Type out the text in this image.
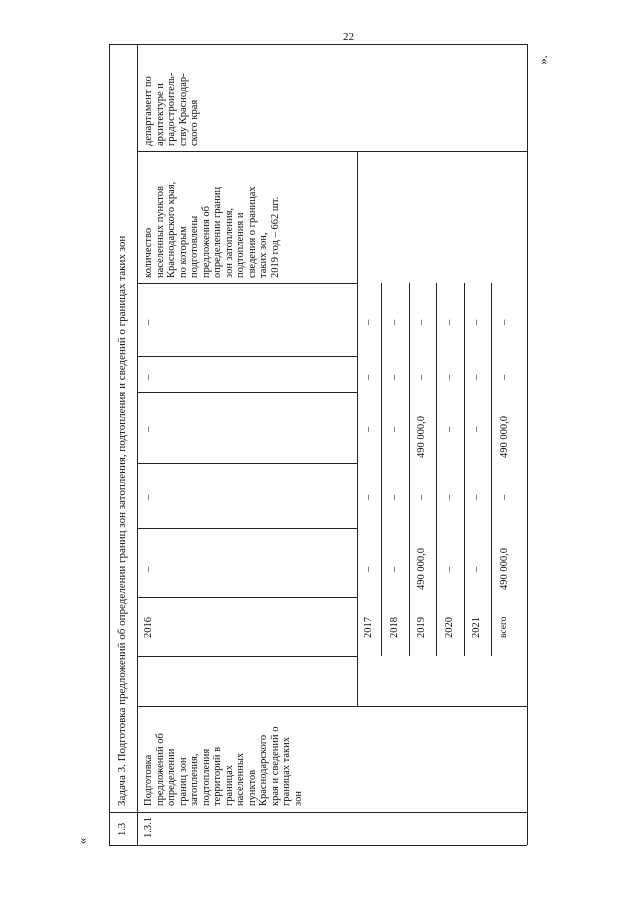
22
«
».
1.3
Задача 3. Подготовка предложений об определении границ зон затопления, подтопления и сведений о границах таких зон
1.3.1
Подготовка предложений об определении границ зон затопления, подтопления территорий в границах населенных пунктов Краснодарского края и сведений о границах таких зон
2016	2017 2018 2019 2020 2021 всего
–	– – 490 000,0 – – 490 000,0
–	– – – – – –
–	– – 490 000,0 – – 490 000,0
–	– – – – – –
–	– – – – – –
количество населенных пунктов Краснодарского края, по которым подготовлены предложения об определении границ зон затопления, подтопления и сведения о границах таких зон, 2019 год – 662 шт.
департамент по архитектуре и градостроитель- ству Краснодар- ского края
